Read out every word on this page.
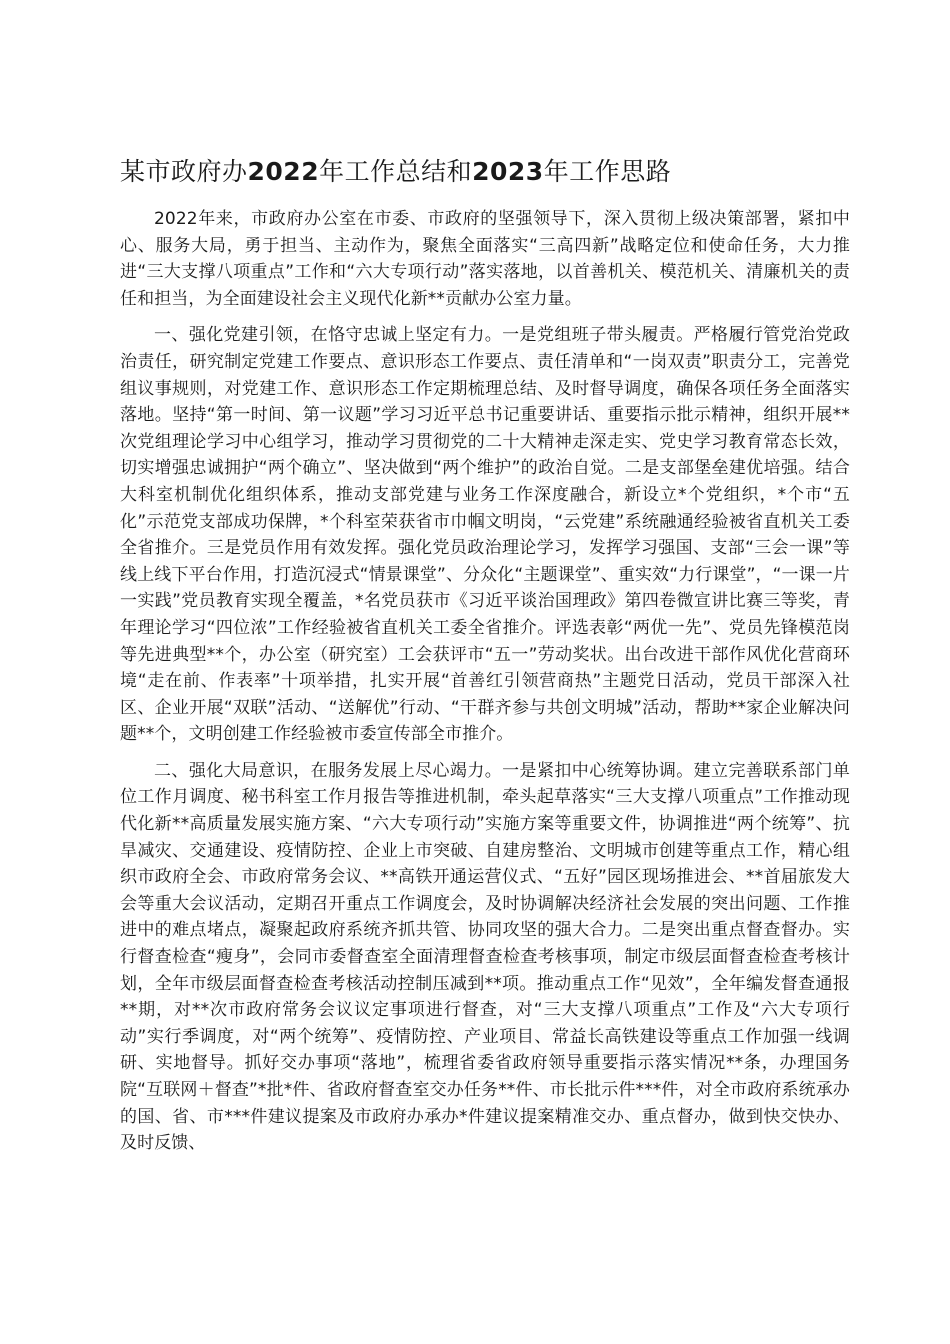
某市政府办2022年工作总结和2023年工作思路

2022年来，市政府办公室在市委、市政府的坚强领导下，深入贯彻上级决策部署，紧扣中心、服务大局，勇于担当、主动作为，聚焦全面落实“三高四新”战略定位和使命任务，大力推进“三大支撑八项重点”工作和“六大专项行动”落实落地，以首善机关、模范机关、清廉机关的责任和担当，为全面建设社会主义现代化新**贡献办公室力量。

一、强化党建引领，在恪守忠诚上坚定有力。一是党组班子带头履责。严格履行管党治党政治责任，研究制定党建工作要点、意识形态工作要点、责任清单和“一岗双责”职责分工，完善党组议事规则，对党建工作、意识形态工作定期梳理总结、及时督导调度，确保各项任务全面落实落地。坚持“第一时间、第一议题”学习习近平总书记重要讲话、重要指示批示精神，组织开展**次党组理论学习中心组学习，推动学习贯彻党的二十大精神走深走实、党史学习教育常态长效，切实增强忠诚拥护“两个确立”、坚决做到“两个维护”的政治自觉。二是支部堡垒建优培强。结合大科室机制优化组织体系，推动支部党建与业务工作深度融合，新设立*个党组织，*个市“五化”示范党支部成功保牌，*个科室荣获省市巾帼文明岗，“云党建”系统融通经验被省直机关工委全省推介。三是党员作用有效发挥。强化党员政治理论学习，发挥学习强国、支部“三会一课”等线上线下平台作用，打造沉浸式“情景课堂”、分众化“主题课堂”、重实效“力行课堂”，“一课一片一实践”党员教育实现全覆盖，*名党员获市《习近平谈治国理政》第四卷微宣讲比赛三等奖，青年理论学习“四位浓”工作经验被省直机关工委全省推介。评选表彰“两优一先”、党员先锋模范岗等先进典型**个，办公室（研究室）工会获评市“五一”劳动奖状。出台改进干部作风优化营商环境“走在前、作表率”十项举措，扎实开展“首善红引领营商热”主题党日活动，党员干部深入社区、企业开展“双联”活动、“送解优”行动、“干群齐参与共创文明城”活动，帮助**家企业解决问题**个，文明创建工作经验被市委宣传部全市推介。

二、强化大局意识，在服务发展上尽心竭力。一是紧扣中心统筹协调。建立完善联系部门单位工作月调度、秘书科室工作月报告等推进机制，牵头起草落实“三大支撑八项重点”工作推动现代化新**高质量发展实施方案、“六大专项行动”实施方案等重要文件，协调推进“两个统筹”、抗旱减灾、交通建设、疫情防控、企业上市突破、自建房整治、文明城市创建等重点工作，精心组织市政府全会、市政府常务会议、**高铁开通运营仪式、“五好”园区现场推进会、**首届旅发大会等重大会议活动，定期召开重点工作调度会，及时协调解决经济社会发展的突出问题、工作推进中的难点堵点，凝聚起政府系统齐抓共管、协同攻坚的强大合力。二是突出重点督查督办。实行督查检查“瘦身”，会同市委督查室全面清理督查检查考核事项，制定市级层面督查检查考核计划，全年市级层面督查检查考核活动控制压减到**项。推动重点工作“见效”，全年编发督查通报**期，对**次市政府常务会议议定事项进行督查，对“三大支撑八项重点”工作及“六大专项行动”实行季调度，对“两个统筹”、疫情防控、产业项目、常益长高铁建设等重点工作加强一线调研、实地督导。抓好交办事项“落地”，梳理省委省政府领导重要指示落实情况**条，办理国务院“互联网＋督查”*批*件、省政府督查室交办任务**件、市长批示件***件，对全市政府系统承办的国、省、市***件建议提案及市政府办承办*件建议提案精准交办、重点督办，做到快交快办、及时反馈、
